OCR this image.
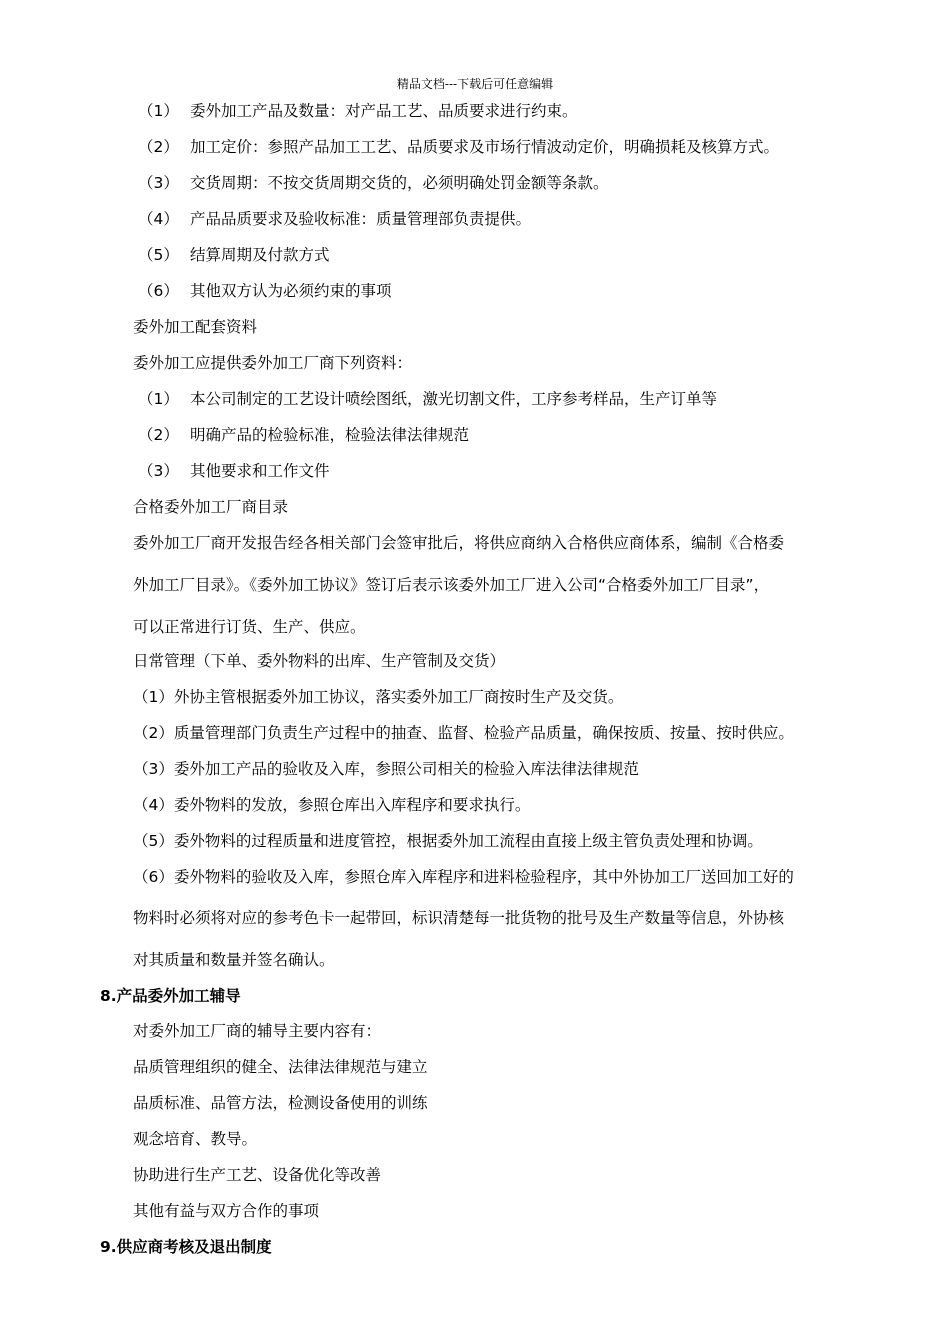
精品文档---下载后可任意编辑
（1） 委外加工产品及数量：对产品工艺、品质要求进行约束。
（2） 加工定价：参照产品加工工艺、品质要求及市场行情波动定价，明确损耗及核算方式。
（3） 交货周期：不按交货周期交货的，必须明确处罚金额等条款。
（4） 产品品质要求及验收标准：质量管理部负责提供。
（5） 结算周期及付款方式
（6） 其他双方认为必须约束的事项
委外加工配套资料
委外加工应提供委外加工厂商下列资料：
（1） 本公司制定的工艺设计喷绘图纸，激光切割文件，工序参考样品，生产订单等
（2） 明确产品的检验标准，检验法律法律规范
（3） 其他要求和工作文件
合格委外加工厂商目录
委外加工厂商开发报告经各相关部门会签审批后，将供应商纳入合格供应商体系，编制《合格委
外加工厂目录》。《委外加工协议》签订后表示该委外加工厂进入公司“合格委外加工厂目录”，
可以正常进行订货、生产、供应。
日常管理（下单、委外物料的出库、生产管制及交货）
（1）外协主管根据委外加工协议，落实委外加工厂商按时生产及交货。
（2）质量管理部门负责生产过程中的抽查、监督、检验产品质量，确保按质、按量、按时供应。
（3）委外加工产品的验收及入库，参照公司相关的检验入库法律法律规范
（4）委外物料的发放，参照仓库出入库程序和要求执行。
（5）委外物料的过程质量和进度管控，根据委外加工流程由直接上级主管负责处理和协调。
（6）委外物料的验收及入库，参照仓库入库程序和进料检验程序，其中外协加工厂送回加工好的
物料时必须将对应的参考色卡一起带回，标识清楚每一批货物的批号及生产数量等信息，外协核
对其质量和数量并签名确认。
8.产品委外加工辅导
对委外加工厂商的辅导主要内容有：
品质管理组织的健全、法律法律规范与建立
品质标准、品管方法，检测设备使用的训练
观念培育、教导。
协助进行生产工艺、设备优化等改善
其他有益与双方合作的事项
9.供应商考核及退出制度
